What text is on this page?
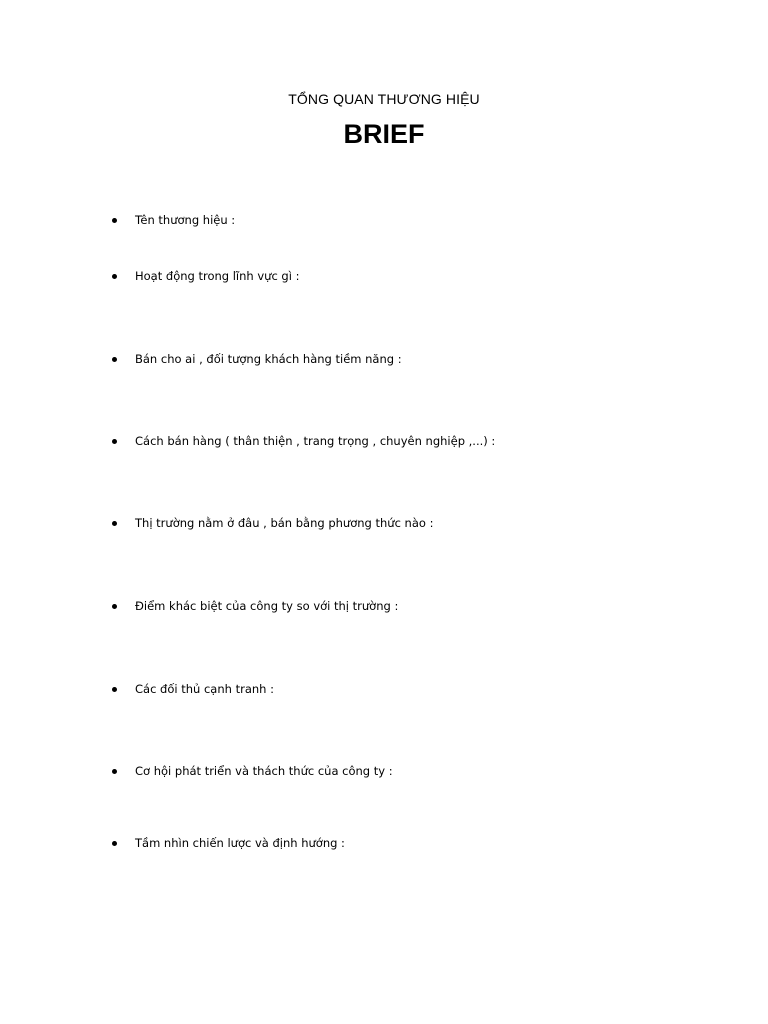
TỔNG QUAN THƯƠNG HIỆU
BRIEF
Tên thương hiệu :
Hoạt động trong lĩnh vực gì :
Bán cho ai , đối tượng khách hàng tiềm năng :
Cách bán hàng ( thân thiện , trang trọng , chuyên nghiệp ,...) :
Thị trường nằm ở đâu , bán bằng phương thức nào :
Điểm khác biệt của công ty so với thị trường :
Các đối thủ cạnh tranh :
Cơ hội phát triển và thách thức của công ty :
Tầm nhìn chiến lược và định hướng :
